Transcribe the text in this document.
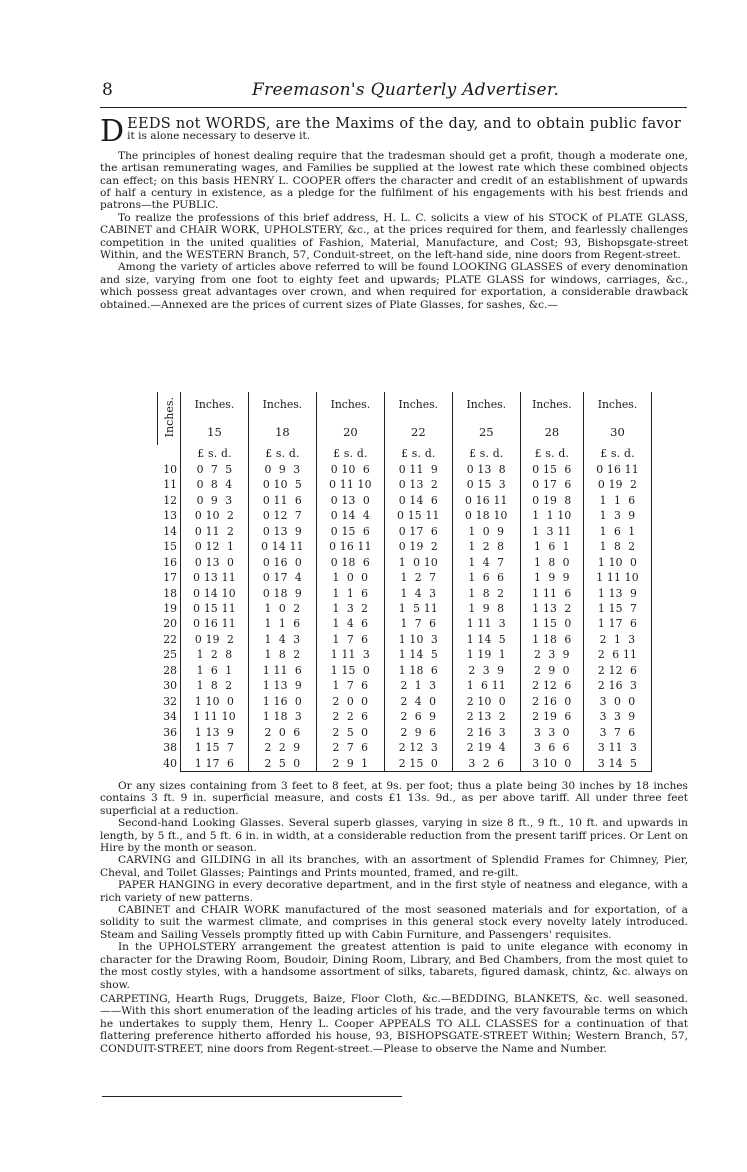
8	Freemason's Quarterly Advertiser.
D EEDS not WORDS, are the Maxims of the day, and to obtain public favor

it is alone necessary to deserve it.

The principles of honest dealing require that the tradesman should get a profit, though a moderate one, the artisan remunerating wages, and Families be supplied at the lowest rate which these combined objects can effect; on this basis HENRY L. COOPER offers the character and credit of an establishment of upwards of half a century in existence, as a pledge for the fulfilment of his engagements with his best friends and patrons—the PUBLIC.

To realize the professions of this brief address, H. L. C. solicits a view of his STOCK of PLATE GLASS, CABINET and CHAIR WORK, UPHOLSTERY, &c., at the prices required for them, and fearlessly challenges competition in the united qualities of Fashion, Material, Manufacture, and Cost; 93, Bishopsgate-street Within, and the WESTERN Branch, 57, Conduit-street, on the left-hand side, nine doors from Regent-street.

Among the variety of articles above referred to will be found LOOKING GLASSES of every denomination and size, varying from one foot to eighty feet and upwards; PLATE GLASS for windows, carriages, &c., which possess great advantages over crown, and when required for exportation, a considerable drawback obtained.—Annexed are the prices of current sizes of Plate Glasses, for sashes, &c.—

Inches.	Inches.	Inches.	Inches.	Inches.	Inches.	Inches.	Inches.
	15	18	20	22	25	28	30
	£ s. d.	£ s. d.	£ s. d.	£ s. d.	£ s. d.	£ s. d.	£ s. d.
10	0  7  5	0  9  3	0 10  6	0 11  9	0 13  8	0 15  6	0 16 11
11	0  8  4	0 10  5	0 11 10	0 13  2	0 15  3	0 17  6	0 19  2
12	0  9  3	0 11  6	0 13  0	0 14  6	0 16 11	0 19  8	1  1  6
13	0 10  2	0 12  7	0 14  4	0 15 11	0 18 10	1  1 10	1  3  9
14	0 11  2	0 13  9	0 15  6	0 17  6	1  0  9	1  3 11	1  6  1
15	0 12  1	0 14 11	0 16 11	0 19  2	1  2  8	1  6  1	1  8  2
16	0 13  0	0 16  0	0 18  6	1  0 10	1  4  7	1  8  0	1 10  0
17	0 13 11	0 17  4	1  0  0	1  2  7	1  6  6	1  9  9	1 11 10
18	0 14 10	0 18  9	1  1  6	1  4  3	1  8  2	1 11  6	1 13  9
19	0 15 11	1  0  2	1  3  2	1  5 11	1  9  8	1 13  2	1 15  7
20	0 16 11	1  1  6	1  4  6	1  7  6	1 11  3	1 15  0	1 17  6
22	0 19  2	1  4  3	1  7  6	1 10  3	1 14  5	1 18  6	2  1  3
25	1  2  8	1  8  2	1 11  3	1 14  5	1 19  1	2  3  9	2  6 11
28	1  6  1	1 11  6	1 15  0	1 18  6	2  3  9	2  9  0	2 12  6
30	1  8  2	1 13  9	1  7  6	2  1  3	1  6 11	2 12  6	2 16  3
32	1 10  0	1 16  0	2  0  0	2  4  0	2 10  0	2 16  0	3  0  0
34	1 11 10	1 18  3	2  2  6	2  6  9	2 13  2	2 19  6	3  3  9
36	1 13  9	2  0  6	2  5  0	2  9  6	2 16  3	3  3  0	3  7  6
38	1 15  7	2  2  9	2  7  6	2 12  3	2 19  4	3  6  6	3 11  3
40	1 17  6	2  5  0	2  9  1	2 15  0	3  2  6	3 10  0	3 14  5

Or any sizes containing from 3 feet to 8 feet, at 9s. per foot; thus a plate being 30 inches by 18 inches contains 3 ft. 9 in. superficial measure, and costs £1 13s. 9d., as per above tariff. All under three feet superficial at a reduction.

Second-hand Looking Glasses. Several superb glasses, varying in size 8 ft., 9 ft., 10 ft. and upwards in length, by 5 ft., and 5 ft. 6 in. in width, at a considerable reduction from the present tariff prices. Or Lent on Hire by the month or season.

CARVING and GILDING in all its branches, with an assortment of Splendid Frames for Chimney, Pier, Cheval, and Toilet Glasses; Paintings and Prints mounted, framed, and re-gilt.

PAPER HANGING in every decorative department, and in the first style of neatness and elegance, with a rich variety of new patterns.

CABINET and CHAIR WORK manufactured of the most seasoned materials and for exportation, of a solidity to suit the warmest climate, and comprises in this general stock every novelty lately introduced. Steam and Sailing Vessels promptly fitted up with Cabin Furniture, and Passengers' requisites.

In the UPHOLSTERY arrangement the greatest attention is paid to unite elegance with economy in character for the Drawing Room, Boudoir, Dining Room, Library, and Bed Chambers, from the most quiet to the most costly styles, with a handsome assortment of silks, tabarets, figured damask, chintz, &c. always on show.

CARPETING, Hearth Rugs, Druggets, Baize, Floor Cloth, &c.—BEDDING, BLANKETS, &c. well seasoned.——With this short enumeration of the leading articles of his trade, and the very favourable terms on which he undertakes to supply them, Henry L. Cooper APPEALS TO ALL CLASSES for a continuation of that flattering preference hitherto afforded his house, 93, BISHOPSGATE-STREET Within; Western Branch, 57, CONDUIT-STREET, nine doors from Regent-street.—Please to observe the Name and Number.
